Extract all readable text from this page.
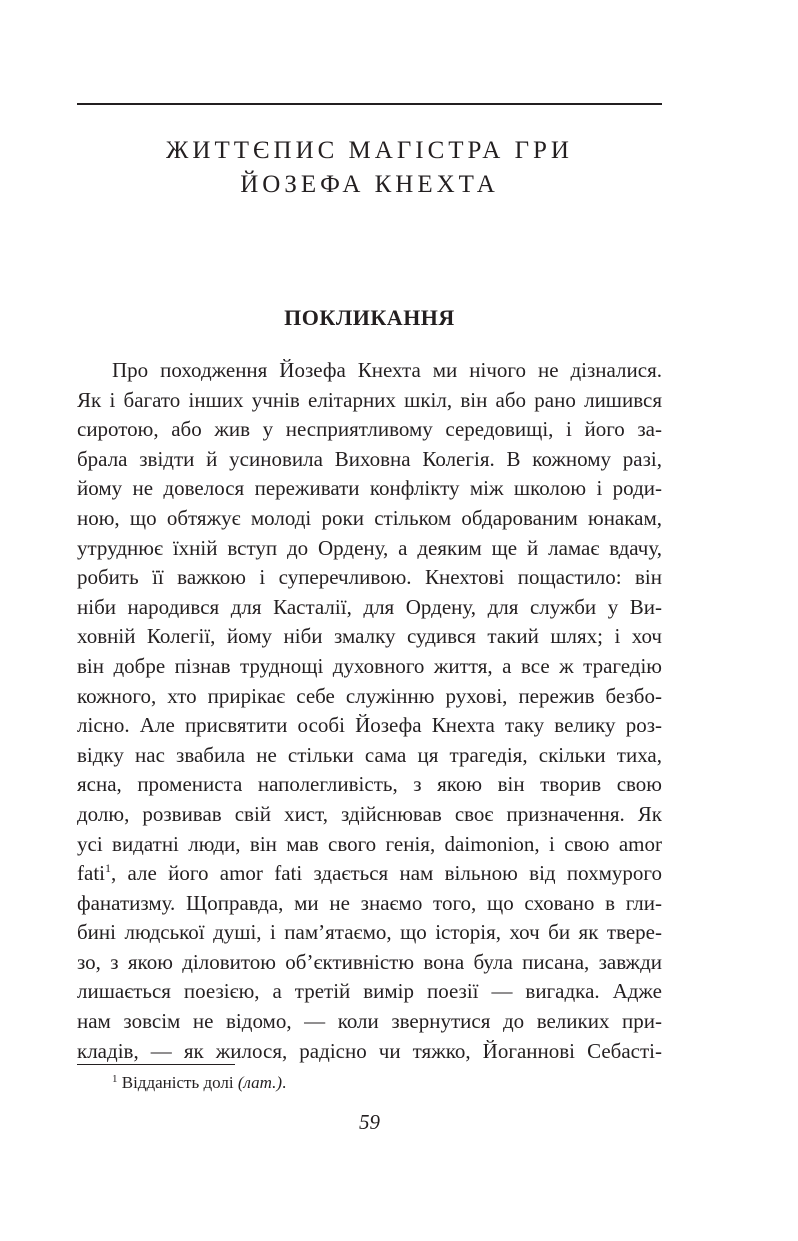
ЖИТТЄПИС МАГІСТРА ГРИ
ЙОЗЕФА КНЕХТА
ПОКЛИКАННЯ
Про походження Йозефа Кнехта ми нічого не дізналися.
Як і багато інших учнів елітарних шкіл, він або рано лишився
сиротою, або жив у несприятливому середовищі, і його за-
брала звідти й усиновила Виховна Колегія. В кожному разі,
йому не довелося переживати конфлікту між школою і роди-
ною, що обтяжує молоді роки стільком обдарованим юнакам,
утруднює їхній вступ до Ордену, а деяким ще й ламає вдачу,
робить її важкою і суперечливою. Кнехтові пощастило: він
ніби народився для Касталії, для Ордену, для служби у Ви-
ховній Колегії, йому ніби змалку судився такий шлях; і хоч
він добре пізнав труднощі духовного життя, а все ж трагедію
кожного, хто прирікає себе служінню рухові, пережив безбо-
лісно. Але присвятити особі Йозефа Кнехта таку велику роз-
відку нас звабила не стільки сама ця трагедія, скільки тиха,
ясна, промениста наполегливість, з якою він творив свою
долю, розвивав свій хист, здійснював своє призначення. Як
усі видатні люди, він мав свого генія, daimonion, і свою amor
fati$^1$, але його amor fati здається нам вільною від похмурого
фанатизму. Щоправда, ми не знаємо того, що сховано в гли-
бині людської душі, і пам’ятаємо, що історія, хоч би як твере-
зо, з якою діловитою об’єктивністю вона була писана, завжди
лишається поезією, а третій вимір поезії — вигадка. Адже
нам зовсім не відомо, — коли звернутися до великих при-
кладів, — як жилося, радісно чи тяжко, Йоганнові Себасті-
$^1$ Відданість долі (лат.).
59
